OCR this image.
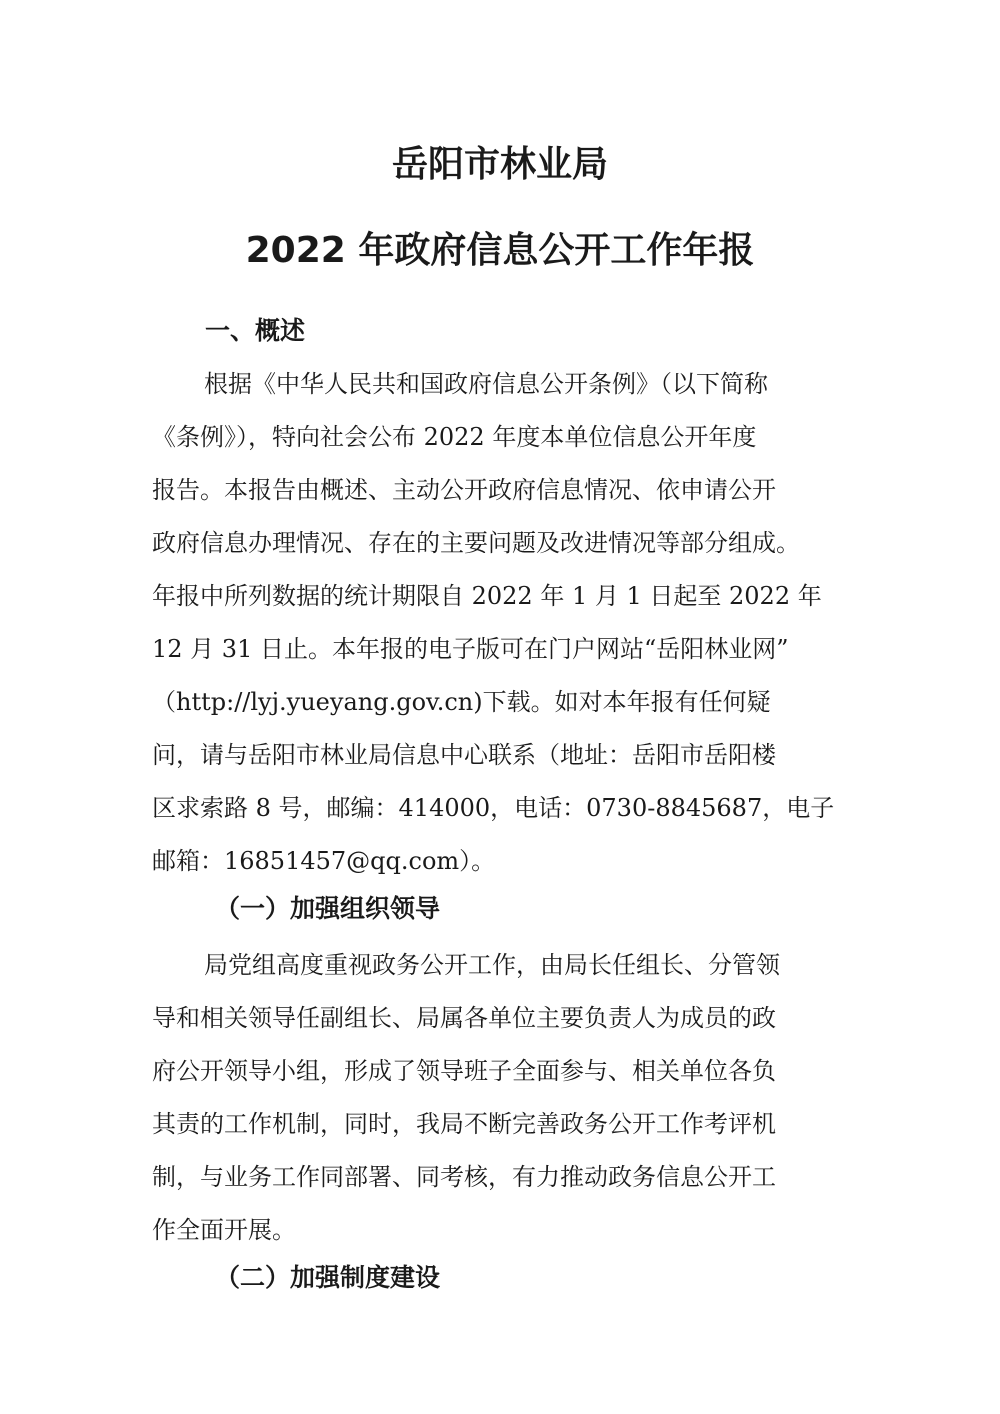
岳阳市林业局
2022 年政府信息公开工作年报
一、概述
根据《中华人民共和国政府信息公开条例》（以下简称
《条例》），特向社会公布 2022 年度本单位信息公开年度
报告。本报告由概述、主动公开政府信息情况、依申请公开
政府信息办理情况、存在的主要问题及改进情况等部分组成。
年报中所列数据的统计期限自 2022 年 1 月 1 日起至 2022 年
12 月 31 日止。本年报的电子版可在门户网站“岳阳林业网”
（http://lyj.yueyang.gov.cn)下载。如对本年报有任何疑
问，请与岳阳市林业局信息中心联系（地址：岳阳市岳阳楼
区求索路 8 号，邮编：414000，电话：0730-8845687，电子
邮箱：16851457@qq.com）。
（一）加强组织领导
局党组高度重视政务公开工作，由局长任组长、分管领
导和相关领导任副组长、局属各单位主要负责人为成员的政
府公开领导小组，形成了领导班子全面参与、相关单位各负
其责的工作机制，同时，我局不断完善政务公开工作考评机
制，与业务工作同部署、同考核，有力推动政务信息公开工
作全面开展。
（二）加强制度建设
